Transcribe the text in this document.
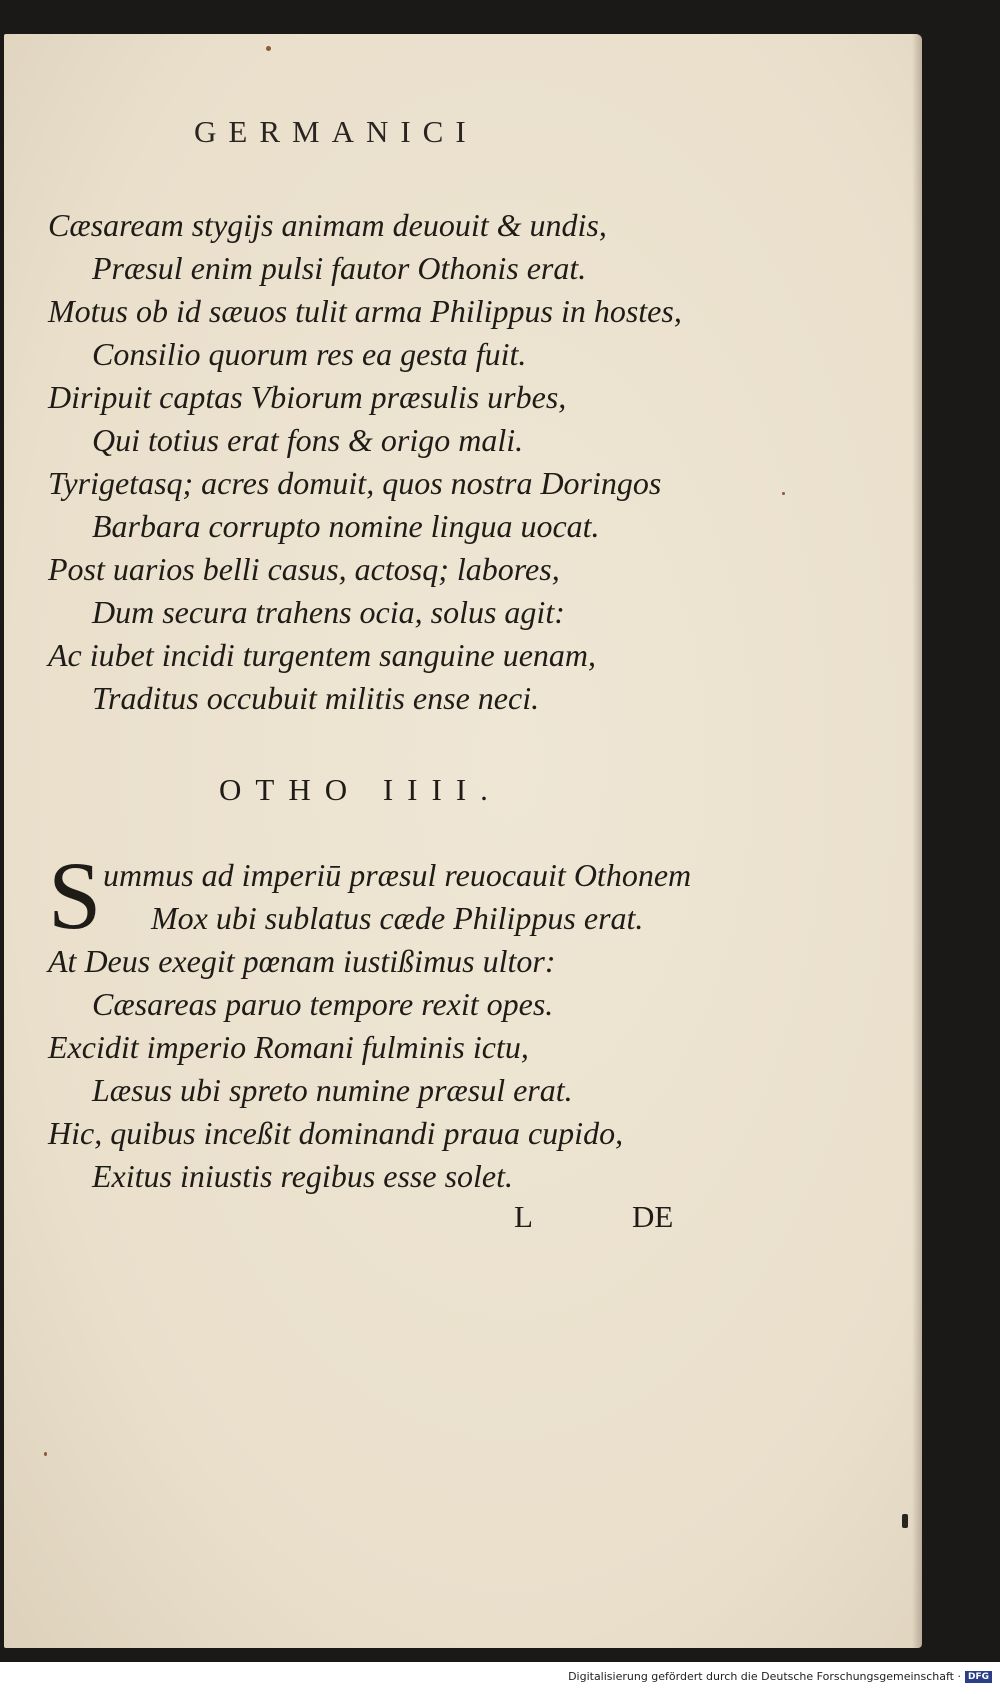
GERMANICI
Cæsaream stygijs animam deuouit & undis,
Præsul enim pulsi fautor Othonis erat.
Motus ob id sæuos tulit arma Philippus in hostes,
Consilio quorum res ea gesta fuit.
Diripuit captas Vbiorum præsulis urbes,
Qui totius erat fons & origo mali.
Tyrigetasq; acres domuit, quos nostra Doringos
Barbara corrupto nomine lingua uocat.
Post uarios belli casus, actosq; labores,
Dum secura trahens ocia, solus agit:
Ac iubet incidi turgentem sanguine uenam,
Traditus occubuit militis ense neci.
OTHO IIII.
S ummus ad imperiū præsul reuocauit Othonem
Mox ubi sublatus cæde Philippus erat.
At Deus exegit pœnam iustißimus ultor:
Cæsareas paruo tempore rexit opes.
Excidit imperio Romani fulminis ictu,
Læsus ubi spreto numine præsul erat.
Hic, quibus inceßit dominandi praua cupido,
Exitus iniustis regibus esse solet.
L	DE
Digitalisierung gefördert durch die Deutsche Forschungsgemeinschaft · DFG
